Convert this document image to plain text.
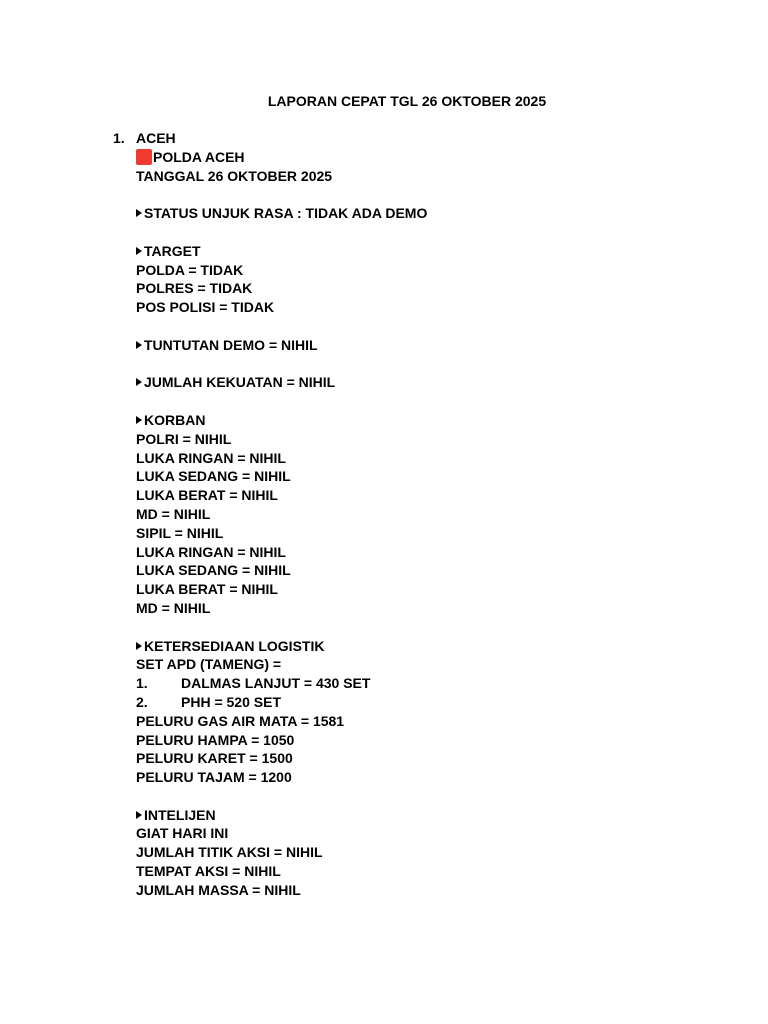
LAPORAN CEPAT TGL 26 OKTOBER 2025
1. ACEH
POLDA ACEH
TANGGAL 26 OKTOBER 2025
STATUS UNJUK RASA : TIDAK ADA DEMO
TARGET
POLDA = TIDAK
POLRES = TIDAK
POS POLISI = TIDAK
TUNTUTAN DEMO = NIHIL
JUMLAH KEKUATAN = NIHIL
KORBAN
POLRI = NIHIL
LUKA RINGAN = NIHIL
LUKA SEDANG = NIHIL
LUKA BERAT = NIHIL
MD = NIHIL
SIPIL = NIHIL
LUKA RINGAN = NIHIL
LUKA SEDANG = NIHIL
LUKA BERAT = NIHIL
MD = NIHIL
KETERSEDIAAN LOGISTIK
SET APD (TAMENG) =
1. DALMAS LANJUT = 430 SET
2. PHH = 520 SET
PELURU GAS AIR MATA = 1581
PELURU HAMPA = 1050
PELURU KARET = 1500
PELURU TAJAM = 1200
INTELIJEN
GIAT HARI INI
JUMLAH TITIK AKSI = NIHIL
TEMPAT AKSI = NIHIL
JUMLAH MASSA = NIHIL
